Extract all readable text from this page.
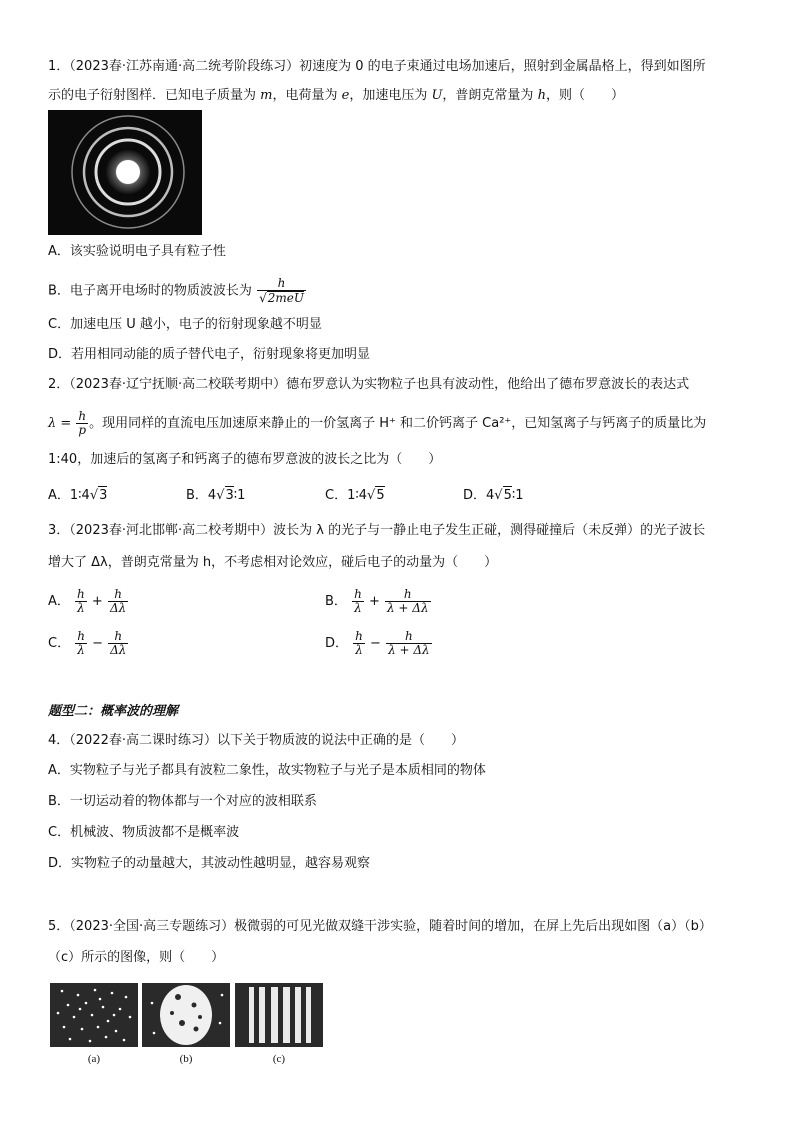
1．（2023春·江苏南通·高二统考阶段练习）初速度为 0 的电子束通过电场加速后，照射到金属晶格上，得到如图所
示的电子衍射图样．已知电子质量为 m，电荷量为 e，加速电压为 U，普朗克常量为 h，则（　　）
A．该实验说明电子具有粒子性
B．电子离开电场时的物质波波长为 $\frac{h}{\text{√2meU}}$
C．加速电压 U 越小，电子的衍射现象越不明显
D．若用相同动能的质子替代电子，衍射现象将更加明显
2．（2023春·辽宁抚顺·高二校联考期中）德布罗意认为实物粒子也具有波动性，他给出了德布罗意波长的表达式
$\lambda = \frac{h}{p}$ 。现用同样的直流电压加速原来静止的一价氢离子 H⁺ 和二价钙离子 Ca²⁺，已知氢离子与钙离子的质量比为
1:40，加速后的氢离子和钙离子的德布罗意波的波长之比为（　　）
A．1∶4√3	B．4√3∶1	C．1∶4√5	D．4√5∶1
3．（2023春·河北邯郸·高二校考期中）波长为 λ 的光子与一静止电子发生正碰，测得碰撞后（未反弹）的光子波长
增大了 Δλ，普朗克常量为 h，不考虑相对论效应，碰后电子的动量为（　　）
A． $\frac{h}{\lambda} + \frac{h}{\Delta\lambda}$	B． $\frac{h}{\lambda} + \frac{h}{\lambda + \Delta\lambda}$
C． $\frac{h}{\lambda} - \frac{h}{\Delta\lambda}$	D． $\frac{h}{\lambda} - \frac{h}{\lambda + \Delta\lambda}$
题型二：概率波的理解
4．（2022春·高二课时练习）以下关于物质波的说法中正确的是（　　）
A．实物粒子与光子都具有波粒二象性，故实物粒子与光子是本质相同的物体
B．一切运动着的物体都与一个对应的波相联系
C．机械波、物质波都不是概率波
D．实物粒子的动量越大，其波动性越明显，越容易观察
5．（2023·全国·高三专题练习）极微弱的可见光做双缝干涉实验，随着时间的增加，在屏上先后出现如图（a）（b）
（c）所示的图像，则（　　）
(a)	(b)	(c)
